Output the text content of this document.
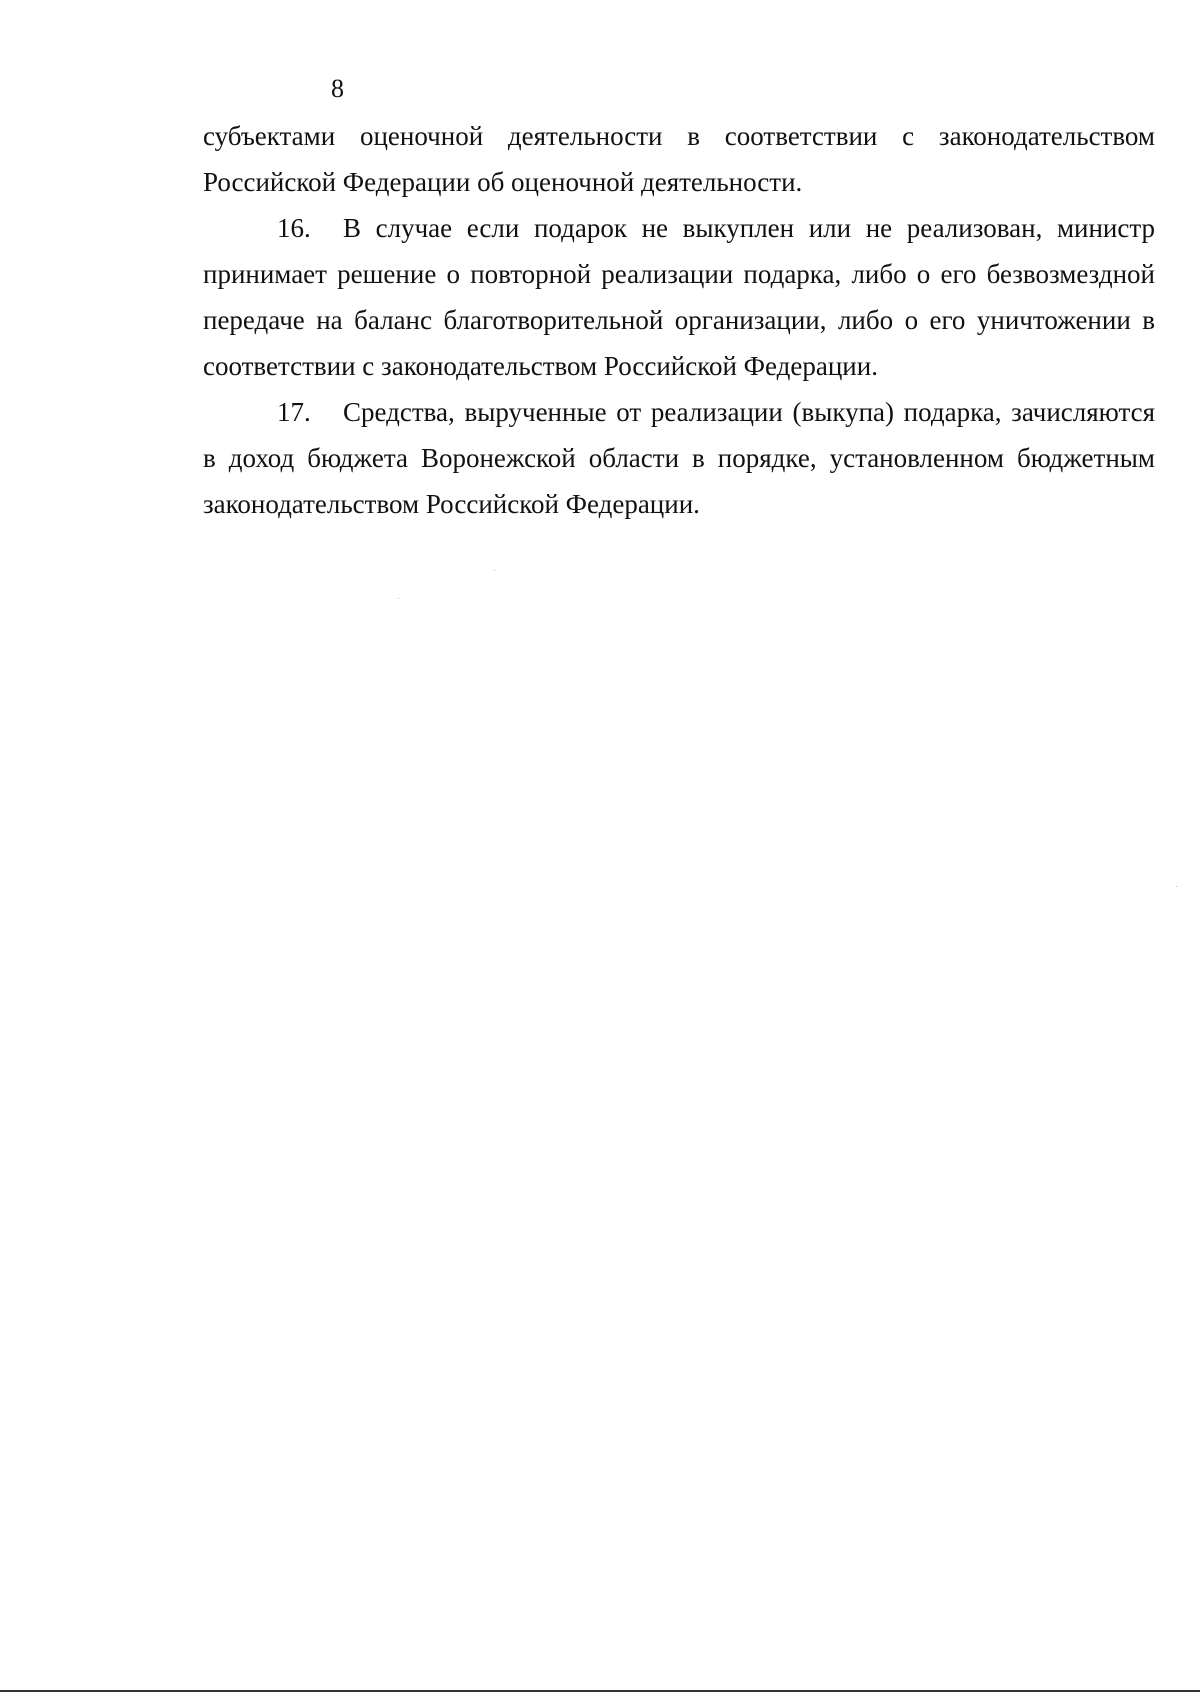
8

субъектами оценочной деятельности в соответствии с законодательством Российской Федерации об оценочной деятельности.

16. В случае если подарок не выкуплен или не реализован, министр принимает решение о повторной реализации подарка, либо о его безвозмездной передаче на баланс благотворительной организации, либо о его уничтожении в соответствии с законодательством Российской Федерации.

17. Средства, вырученные от реализации (выкупа) подарка, зачисляются в доход бюджета Воронежской области в порядке, установленном бюджетным законодательством Российской Федерации.
